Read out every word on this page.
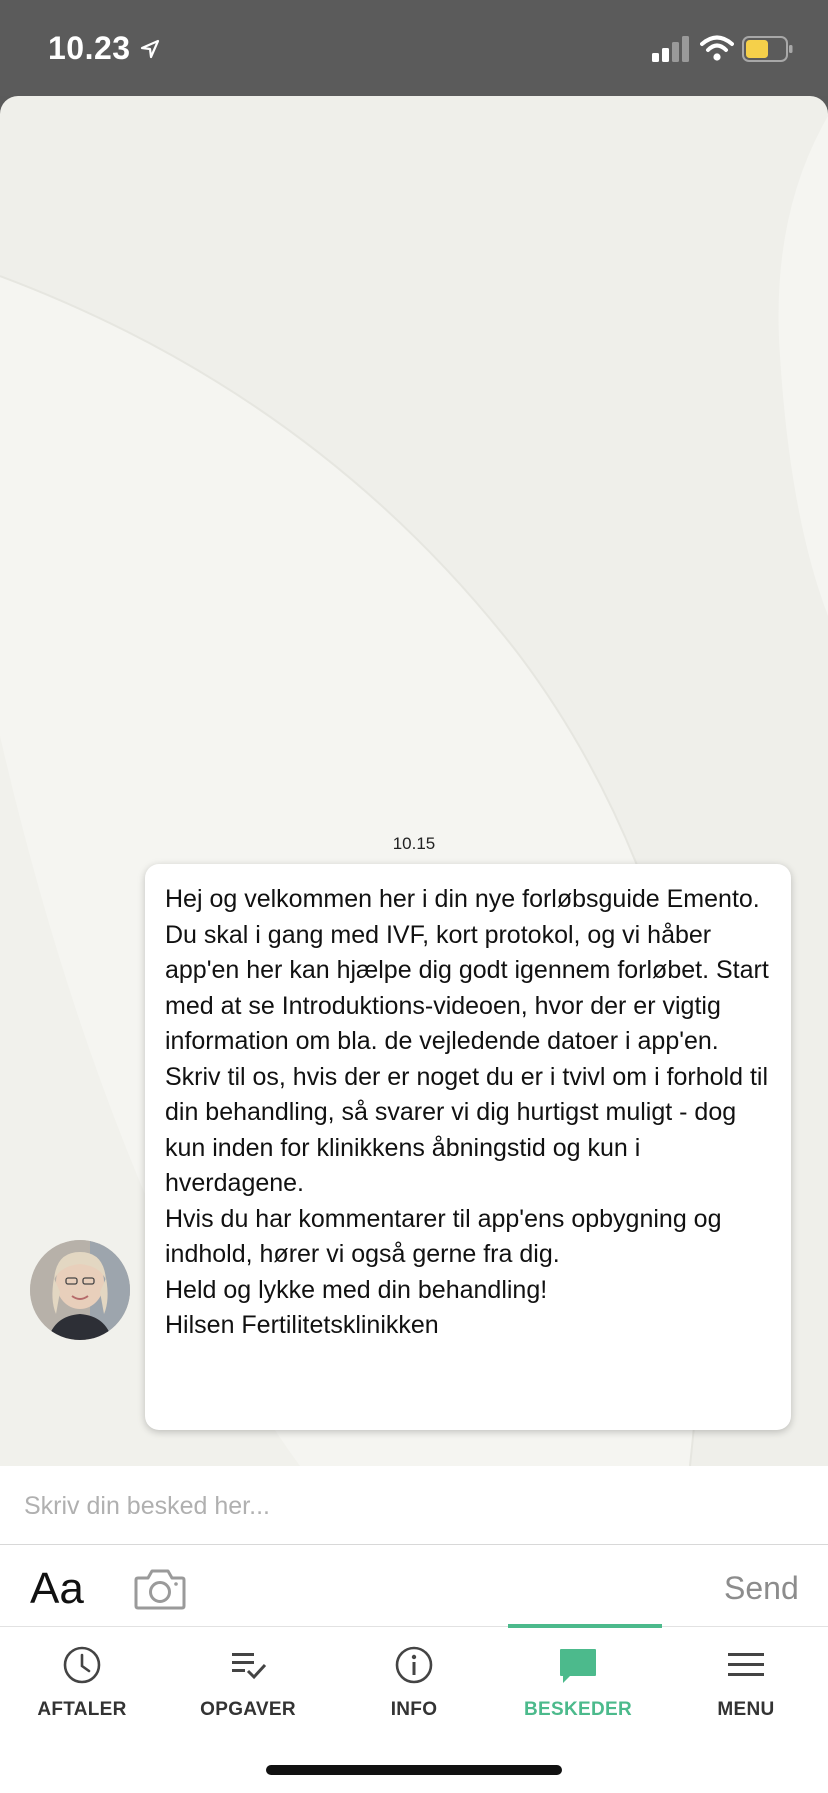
10.23
10.15

Hej og velkommen her i din nye forløbsguide Emento.

Du skal i gang med IVF, kort protokol, og vi håber app'en her kan hjælpe dig godt igennem forløbet. Start med at se Introduktions-videoen, hvor der er vigtig information om bla. de vejledende datoer i app'en.

Skriv til os, hvis der er noget du er i tvivl om i forhold til din behandling, så svarer vi dig hurtigst muligt - dog kun inden for klinikkens åbningstid og kun i hverdagene.

Hvis du har kommentarer til app'ens opbygning og indhold, hører vi også gerne fra dig.

Held og lykke med din behandling!

Hilsen Fertilitetsklinikken

Skriv din besked her...
Aa	Send
AFTALER	OPGAVER	INFO	BESKEDER	MENU
